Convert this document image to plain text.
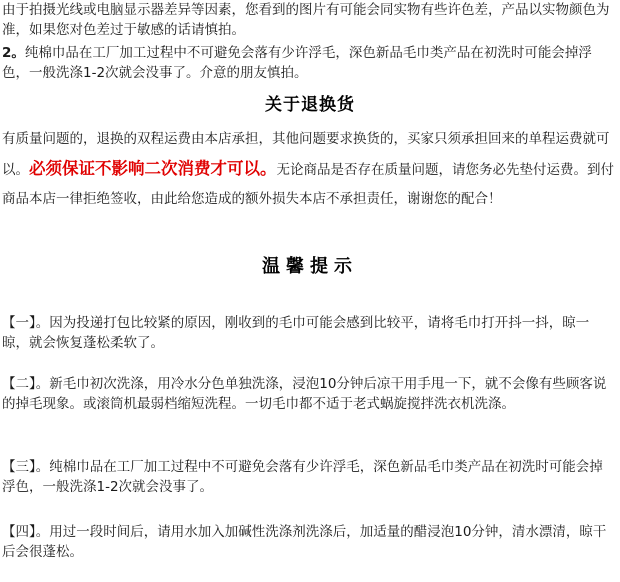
由于拍摄光线或电脑显示器差异等因素，您看到的图片有可能会同实物有些许色差，产品以实物颜色为准，如果您对色差过于敏感的话请慎拍。
2。纯棉巾品在工厂加工过程中不可避免会落有少许浮毛，深色新品毛巾类产品在初洗时可能会掉浮色，一般洗涤1-2次就会没事了。介意的朋友慎拍。
关于退换货
有质量问题的，退换的双程运费由本店承担，其他问题要求换货的，买家只须承担回来的单程运费就可以。必须保证不影响二次消费才可以。无论商品是否存在质量问题，请您务必先垫付运费。到付商品本店一律拒绝签收，由此给您造成的额外损失本店不承担责任，谢谢您的配合！
温馨提示
【一】。因为投递打包比较紧的原因，刚收到的毛巾可能会感到比较平，请将毛巾打开抖一抖，晾一晾，就会恢复蓬松柔软了。
【二】。新毛巾初次洗涤，用冷水分色单独洗涤，浸泡10分钟后凉干用手甩一下，就不会像有些顾客说的掉毛现象。或滚筒机最弱档缩短洗程。一切毛巾都不适于老式蜗旋搅拌洗衣机洗涤。
【三】。纯棉巾品在工厂加工过程中不可避免会落有少许浮毛，深色新品毛巾类产品在初洗时可能会掉浮色，一般洗涤1-2次就会没事了。
【四】。用过一段时间后，请用水加入加碱性洗涤剂洗涤后，加适量的醋浸泡10分钟，清水漂清，晾干后会很蓬松。
